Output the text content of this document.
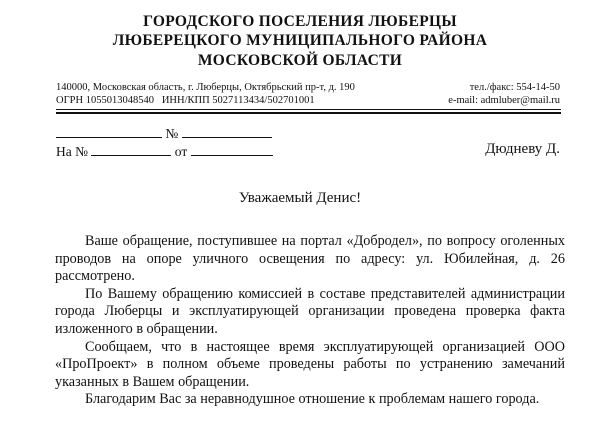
ГОРОДСКОГО ПОСЕЛЕНИЯ ЛЮБЕРЦЫ
ЛЮБЕРЕЦКОГО МУНИЦИПАЛЬНОГО РАЙОНА
МОСКОВСКОЙ ОБЛАСТИ
140000, Московская область, г. Люберцы, Октябрьский пр-т, д. 190
ОГРН 1055013048540   ИНН/КПП 5027113434/502701001
тел./факс: 554-14-50
e-mail: admluber@mail.ru
№
На №	от	Дюдневу Д.
Уважаемый Денис!

Ваше обращение, поступившее на портал «Добродел», по вопросу оголенных проводов на опоре уличного освещения по адресу: ул. Юбилейная, д. 26 рассмотрено.

По Вашему обращению комиссией в составе представителей администрации города Люберцы и эксплуатирующей организации проведена проверка факта изложенного в обращении.

Сообщаем, что в настоящее время эксплуатирующей организацией ООО «ПроПроект» в полном объеме проведены работы по устранению замечаний указанных в Вашем обращении.

Благодарим Вас за неравнодушное отношение к проблемам нашего города.
